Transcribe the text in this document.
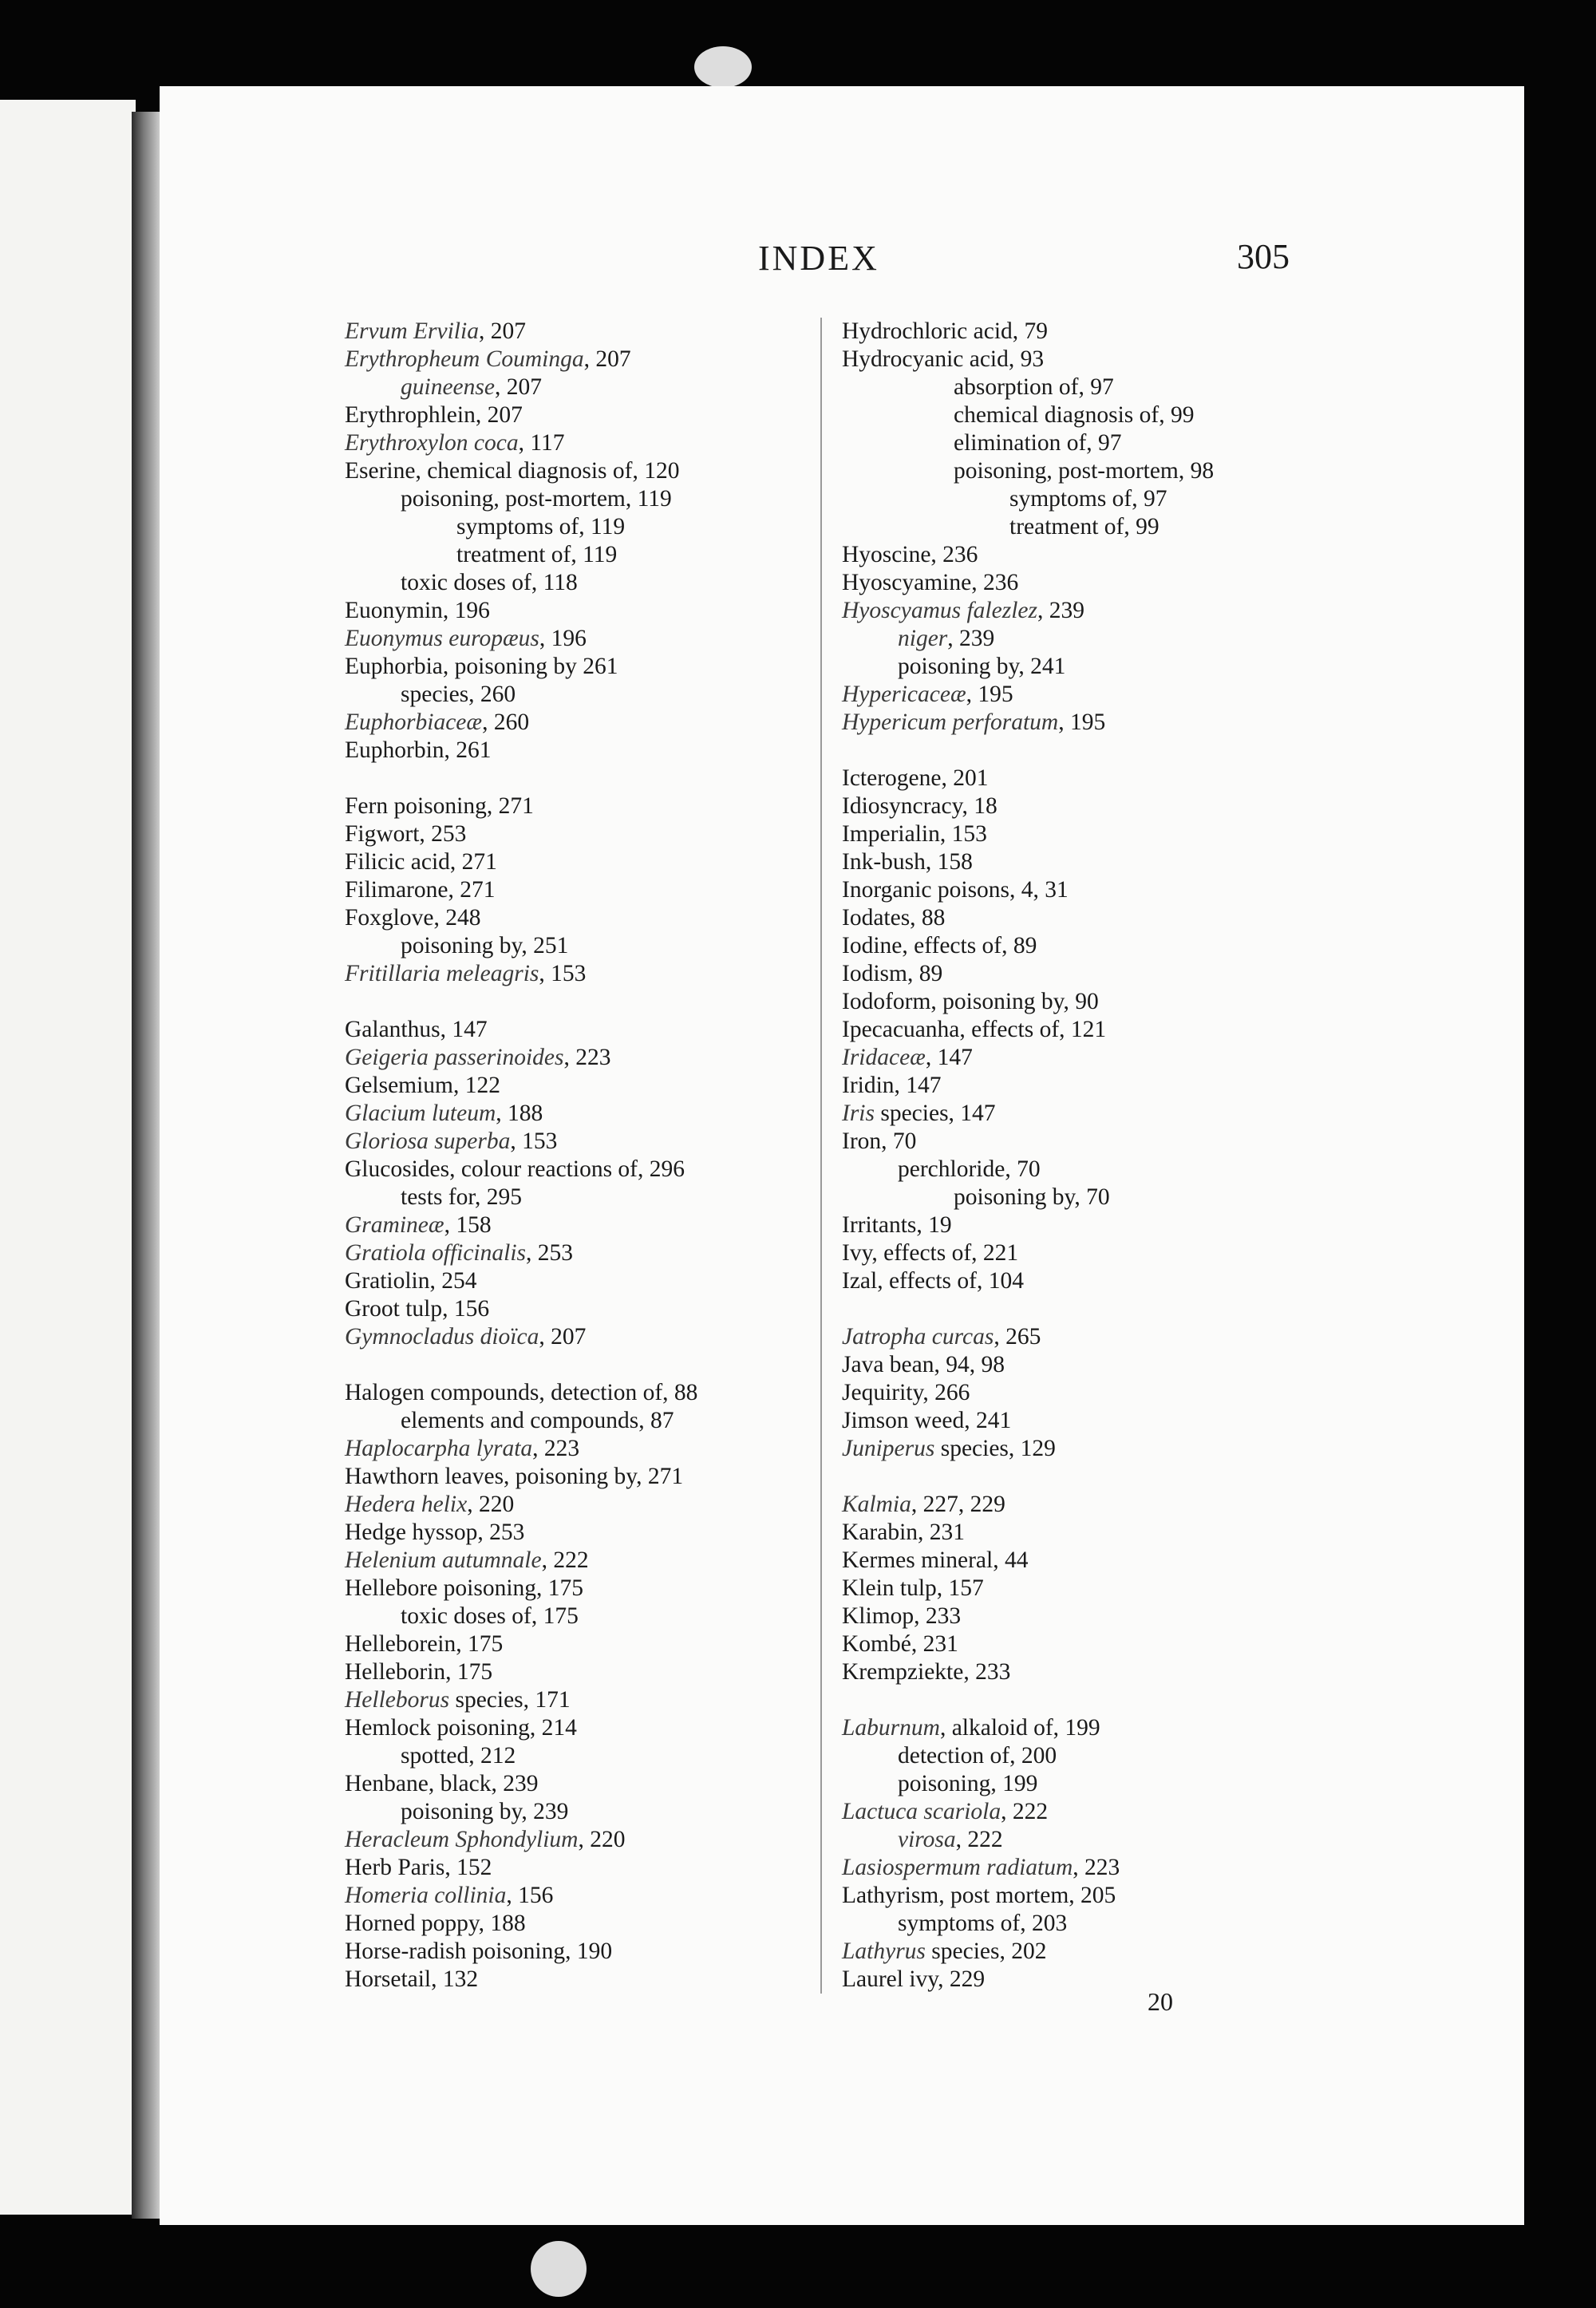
INDEX	305
Ervum Ervilia, 207
Erythropheum Couminga, 207
guineense, 207
Erythrophlein, 207
Erythroxylon coca, 117
Eserine, chemical diagnosis of, 120
poisoning, post-mortem, 119
symptoms of, 119
treatment of, 119
toxic doses of, 118
Euonymin, 196
Euonymus europæus, 196
Euphorbia, poisoning by 261
species, 260
Euphorbiaceæ, 260
Euphorbin, 261
Fern poisoning, 271
Figwort, 253
Filicic acid, 271
Filimarone, 271
Foxglove, 248
poisoning by, 251
Fritillaria meleagris, 153
Galanthus, 147
Geigeria passerinoides, 223
Gelsemium, 122
Glacium luteum, 188
Gloriosa superba, 153
Glucosides, colour reactions of, 296
tests for, 295
Gramineæ, 158
Gratiola officinalis, 253
Gratiolin, 254
Groot tulp, 156
Gymnocladus dioïca, 207
Halogen compounds, detection of, 88
elements and compounds, 87
Haplocarpha lyrata, 223
Hawthorn leaves, poisoning by, 271
Hedera helix, 220
Hedge hyssop, 253
Helenium autumnale, 222
Hellebore poisoning, 175
toxic doses of, 175
Helleborein, 175
Helleborin, 175
Helleborus species, 171
Hemlock poisoning, 214
spotted, 212
Henbane, black, 239
poisoning by, 239
Heracleum Sphondylium, 220
Herb Paris, 152
Homeria collinia, 156
Horned poppy, 188
Horse-radish poisoning, 190
Horsetail, 132
Hydrochloric acid, 79
Hydrocyanic acid, 93
absorption of, 97
chemical diagnosis of, 99
elimination of, 97
poisoning, post-mortem, 98
symptoms of, 97
treatment of, 99
Hyoscine, 236
Hyoscyamine, 236
Hyoscyamus falezlez, 239
niger, 239
poisoning by, 241
Hypericaceæ, 195
Hypericum perforatum, 195
Icterogene, 201
Idiosyncracy, 18
Imperialin, 153
Ink-bush, 158
Inorganic poisons, 4, 31
Iodates, 88
Iodine, effects of, 89
Iodism, 89
Iodoform, poisoning by, 90
Ipecacuanha, effects of, 121
Iridaceæ, 147
Iridin, 147
Iris species, 147
Iron, 70
perchloride, 70
poisoning by, 70
Irritants, 19
Ivy, effects of, 221
Izal, effects of, 104
Jatropha curcas, 265
Java bean, 94, 98
Jequirity, 266
Jimson weed, 241
Juniperus species, 129
Kalmia, 227, 229
Karabin, 231
Kermes mineral, 44
Klein tulp, 157
Klimop, 233
Kombé, 231
Krempziekte, 233
Laburnum, alkaloid of, 199
detection of, 200
poisoning, 199
Lactuca scariola, 222
virosa, 222
Lasiospermum radiatum, 223
Lathyrism, post mortem, 205
symptoms of, 203
Lathyrus species, 202
Laurel ivy, 229
20
